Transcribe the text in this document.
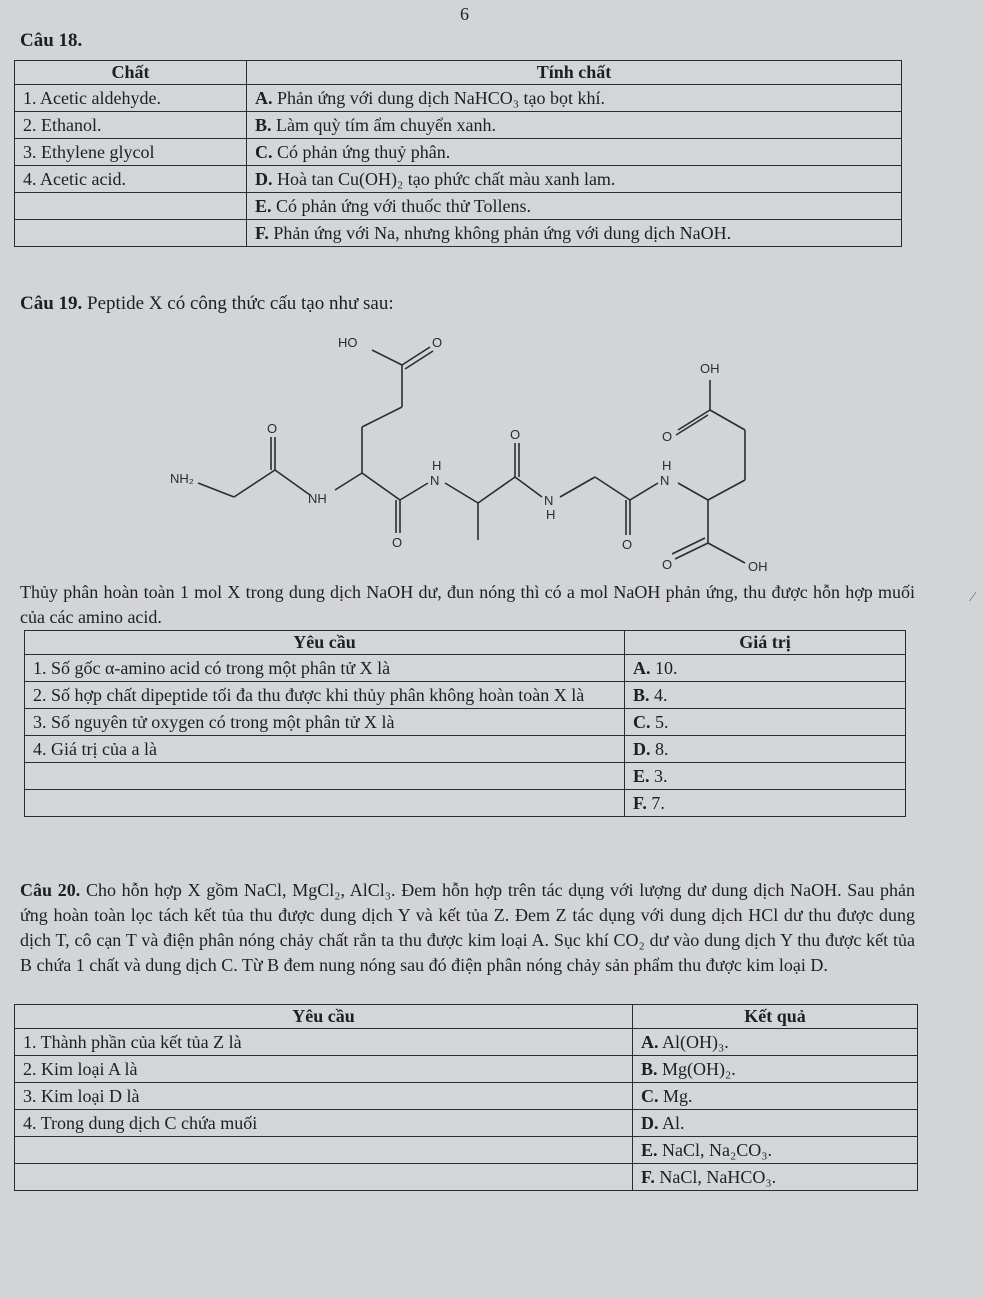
6
Câu 18.
Chất	Tính chất
1. Acetic aldehyde.	A. Phản ứng với dung dịch NaHCO₃ tạo bọt khí.
2. Ethanol.	B. Làm quỳ tím ẩm chuyển xanh.
3. Ethylene glycol	C. Có phản ứng thuỷ phân.
4. Acetic acid.	D. Hoà tan Cu(OH)₂ tạo phức chất màu xanh lam.
	E. Có phản ứng với thuốc thử Tollens.
	F. Phản ứng với Na, nhưng không phản ứng với dung dịch NaOH.
Câu 19. Peptide X có công thức cấu tạo như sau:
NH₂
O
NH
HO	O
O
H
N
O
N
H
O
H
N
OH
O
O	OH
Thủy phân hoàn toàn 1 mol X trong dung dịch NaOH dư, đun nóng thì có a mol NaOH phản ứng, thu được hỗn hợp muối của các amino acid.
Yêu cầu	Giá trị
1. Số gốc α-amino acid có trong một phân tử X là	A. 10.
2. Số hợp chất dipeptide tối đa thu được khi thủy phân không hoàn toàn X là	B. 4.
3. Số nguyên tử oxygen có trong một phân tử X là	C. 5.
4. Giá trị của a là	D. 8.
	E. 3.
	F. 7.
Câu 20. Cho hỗn hợp X gồm NaCl, MgCl₂, AlCl₃. Đem hỗn hợp trên tác dụng với lượng dư dung dịch NaOH. Sau phản ứng hoàn toàn lọc tách kết tủa thu được dung dịch Y và kết tủa Z. Đem Z tác dụng với dung dịch HCl dư thu được dung dịch T, cô cạn T và điện phân nóng chảy chất rắn ta thu được kim loại A. Sục khí CO₂ dư vào dung dịch Y thu được kết tủa B chứa 1 chất và dung dịch C. Từ B đem nung nóng sau đó điện phân nóng chảy sản phẩm thu được kim loại D.
Yêu cầu	Kết quả
1. Thành phần của kết tủa Z là	A. Al(OH)₃.
2. Kim loại A là	B. Mg(OH)₂.
3. Kim loại D là	C. Mg.
4. Trong dung dịch C chứa muối	D. Al.
	E. NaCl, Na₂CO₃.
	F. NaCl, NaHCO₃.
⁄
